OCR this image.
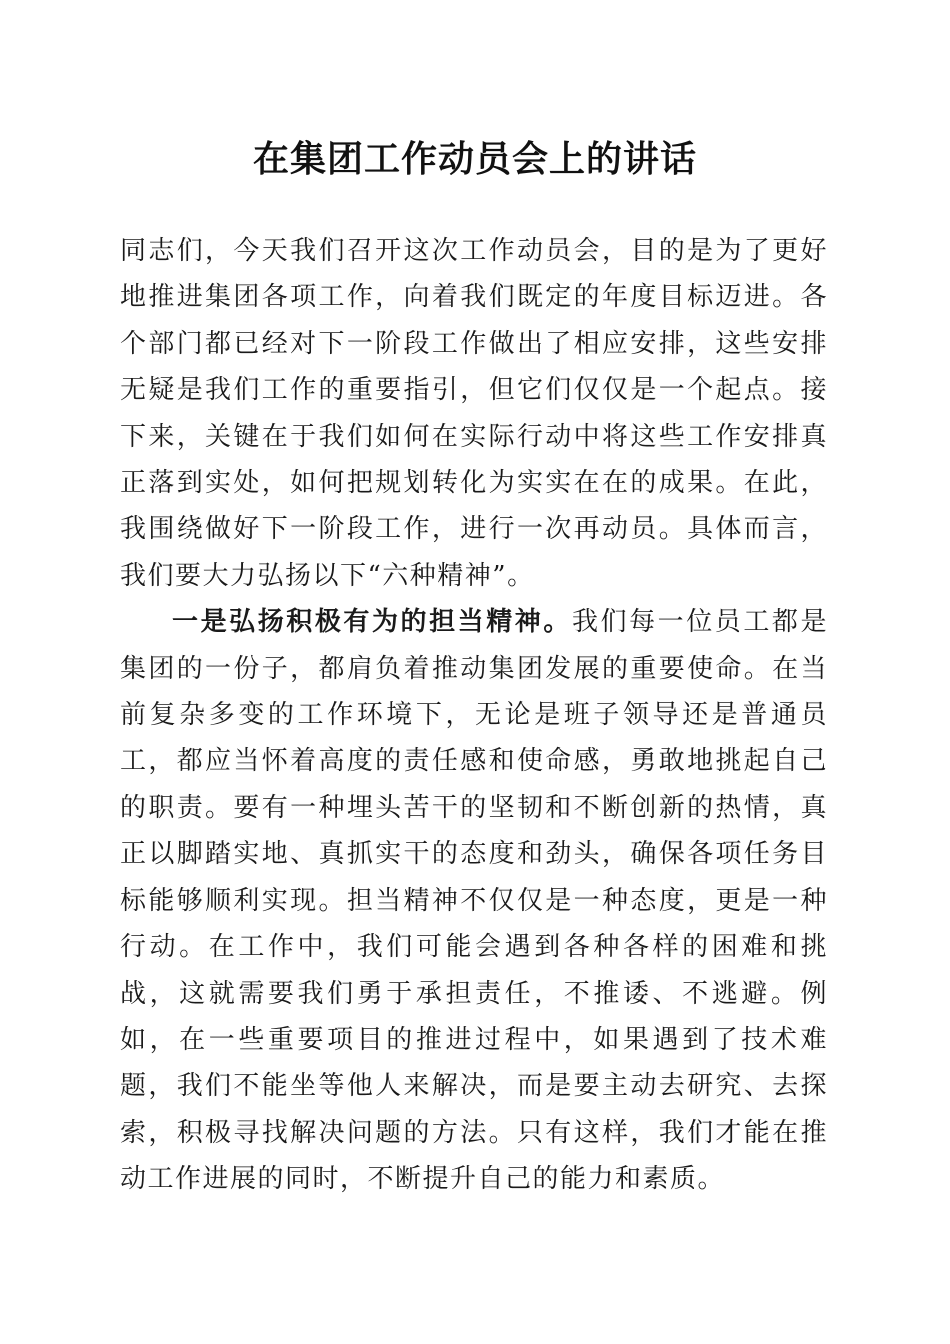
在集团工作动员会上的讲话

同志们，今天我们召开这次工作动员会，目的是为了更好地推进集团各项工作，向着我们既定的年度目标迈进。各个部门都已经对下一阶段工作做出了相应安排，这些安排无疑是我们工作的重要指引，但它们仅仅是一个起点。接下来，关键在于我们如何在实际行动中将这些工作安排真正落到实处，如何把规划转化为实实在在的成果。在此，我围绕做好下一阶段工作，进行一次再动员。具体而言，我们要大力弘扬以下“六种精神”。

一是弘扬积极有为的担当精神。我们每一位员工都是集团的一份子，都肩负着推动集团发展的重要使命。在当前复杂多变的工作环境下，无论是班子领导还是普通员工，都应当怀着高度的责任感和使命感，勇敢地挑起自己的职责。要有一种埋头苦干的坚韧和不断创新的热情，真正以脚踏实地、真抓实干的态度和劲头，确保各项任务目标能够顺利实现。担当精神不仅仅是一种态度，更是一种行动。在工作中，我们可能会遇到各种各样的困难和挑战，这就需要我们勇于承担责任，不推诿、不逃避。例如，在一些重要项目的推进过程中，如果遇到了技术难题，我们不能坐等他人来解决，而是要主动去研究、去探索，积极寻找解决问题的方法。只有这样，我们才能在推动工作进展的同时，不断提升自己的能力和素质。
